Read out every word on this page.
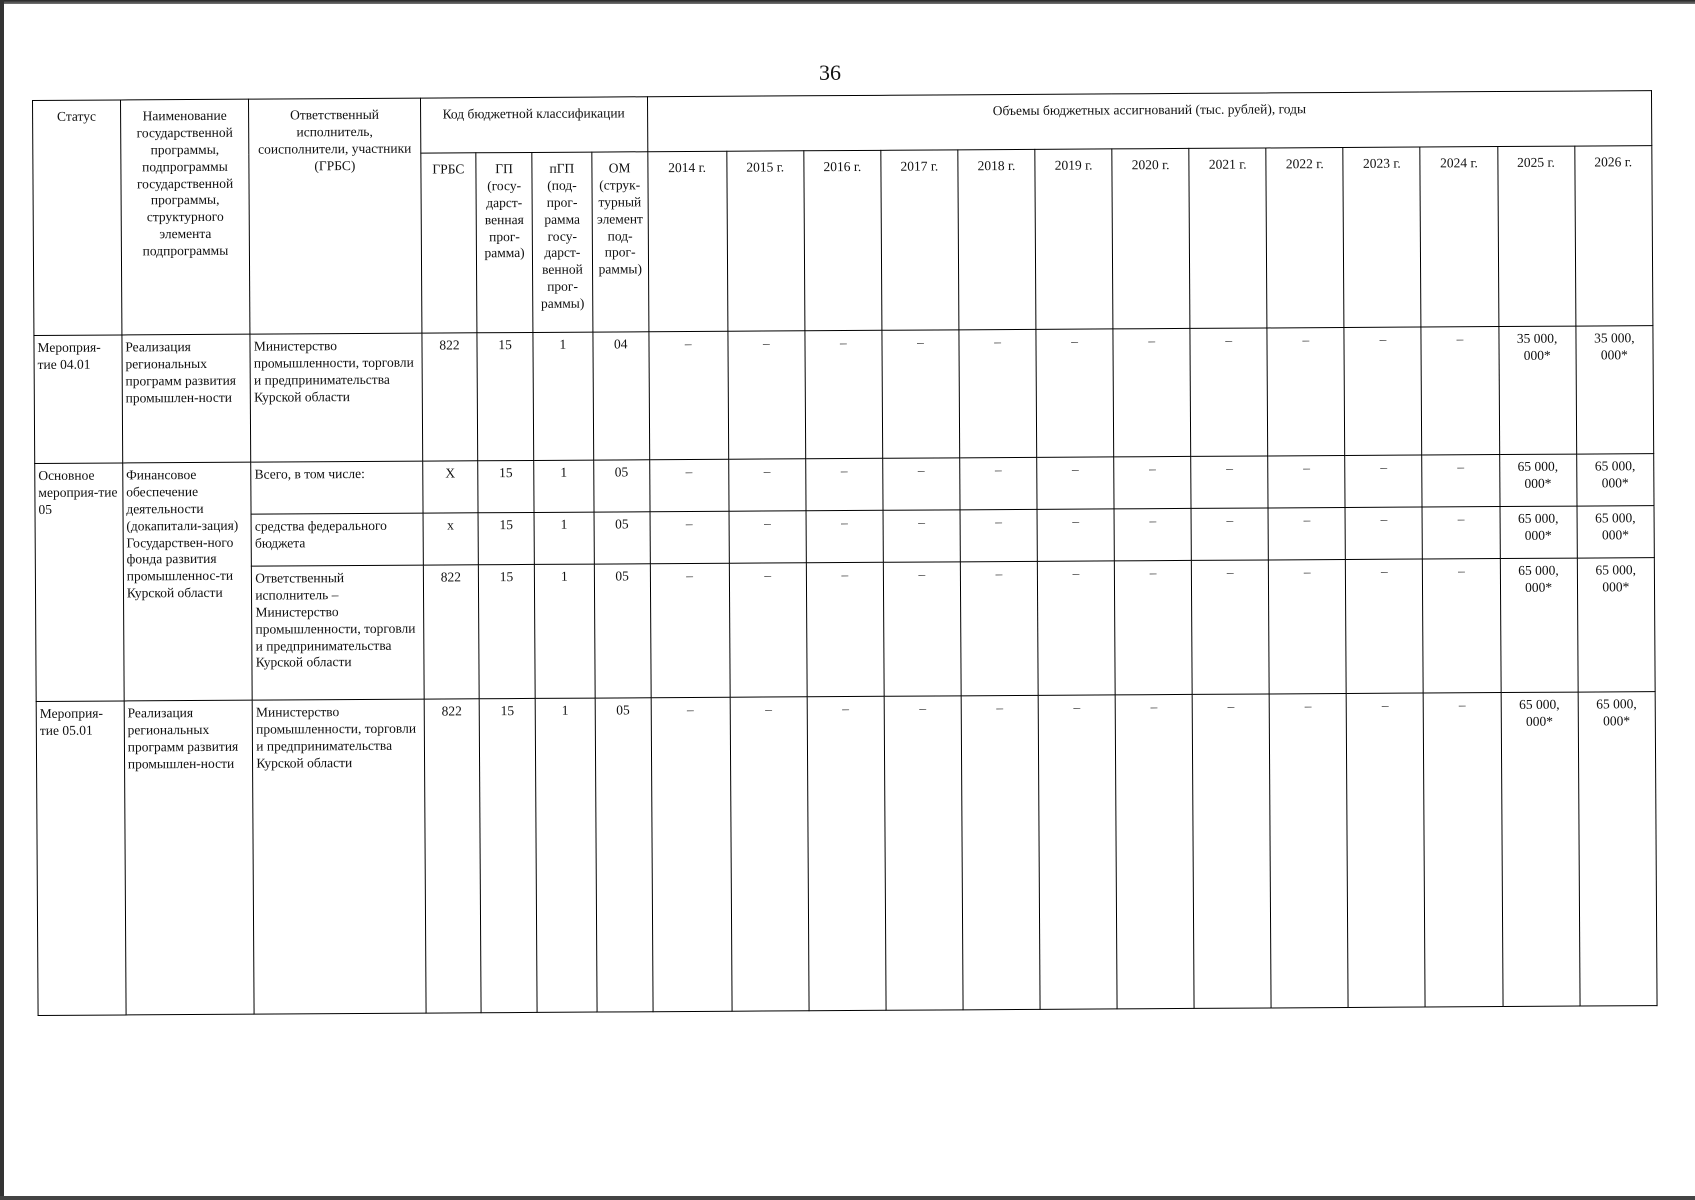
36
Статус	Наименование государственной программы, подпрограммы государственной программы, структурного элемента подпрограммы	Ответственный исполнитель, соисполнители, участники (ГРБС)	Код бюджетной классификации				Объемы бюджетных ассигнований (тыс. рублей), годы												
			ГРБС	ГП (госу-дарст-венная прог-рамма)	пГП (под-прог-рамма госу-дарст-венной прог-раммы)	ОМ (струк-турный элемент под-прог-раммы)	2014 г.	2015 г.	2016 г.	2017 г.	2018 г.	2019 г.	2020 г.	2021 г.	2022 г.	2023 г.	2024 г.	2025 г.	2026 г.
Мероприя-тие 04.01	Реализация региональных программ развития промышлен-ности	Министерство промышленности, торговли и предпринимательства Курской области	822	15	1	04	–	–	–	–	–	–	–	–	–	–	–	35 000, 000*	35 000, 000*
Основное мероприя-тие 05	Финансовое обеспечение деятельности (докапитали-зация) Государствен-ного фонда развития промышленнос-ти Курской области	Всего, в том числе:	Х	15	1	05	–	–	–	–	–	–	–	–	–	–	–	65 000, 000*	65 000, 000*
		средства федерального бюджета	х	15	1	05	–	–	–	–	–	–	–	–	–	–	–	65 000, 000*	65 000, 000*
		Ответственный исполнитель – Министерство промышленности, торговли и предпринимательства Курской области	822	15	1	05	–	–	–	–	–	–	–	–	–	–	–	65 000, 000*	65 000, 000*
Мероприя-тие 05.01	Реализация региональных программ развития промышлен-ности	Министерство промышленности, торговли и предпринимательства Курской области	822	15	1	05	–	–	–	–	–	–	–	–	–	–	–	65 000, 000*	65 000, 000*
